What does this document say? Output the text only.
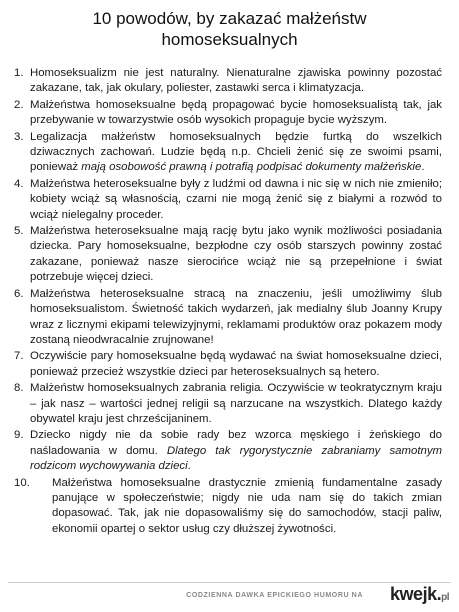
10 powodów, by zakazać małżeństw
homoseksualnych
1. Homoseksualizm nie jest naturalny. Nienaturalne zjawiska powinny pozostać zakazane, tak, jak okulary, poliester, zastawki serca i klimatyzacja.
2. Małżeństwa homoseksualne będą propagować bycie homoseksualistą tak, jak przebywanie w towarzystwie osób wysokich propaguje bycie wyższym.
3. Legalizacja małżeństw homoseksualnych będzie furtką do wszelkich dziwacznych zachowań. Ludzie będą n.p. Chcieli żenić się ze swoimi psami, ponieważ mają osobowość prawną i potrafią podpisać dokumenty małżeńskie.
4. Małżeństwa heteroseksualne były z ludźmi od dawna i nic się w nich nie zmieniło; kobiety wciąż są własnością, czarni nie mogą żenić się z białymi a rozwód to wciąż nielegalny proceder.
5. Małżeństwa heteroseksualne mają rację bytu jako wynik możliwości posiadania dziecka. Pary homoseksualne, bezpłodne czy osób starszych powinny zostać zakazane, ponieważ nasze sierocińce wciąż nie są przepełnione i świat potrzebuje więcej dzieci.
6. Małżeństwa heteroseksualne stracą na znaczeniu, jeśli umożliwimy ślub homoseksualistom. Świetność takich wydarzeń, jak medialny ślub Joanny Krupy wraz z licznymi ekipami telewizyjnymi, reklamami produktów oraz pokazem mody zostaną nieodwracalnie zrujnowane!
7. Oczywiście pary homoseksualne będą wydawać na świat homoseksualne dzieci, ponieważ przecież wszystkie dzieci par heteroseksualnych są hetero.
8. Małżeństw homoseksualnych zabrania religia. Oczywiście w teokratycznym kraju – jak nasz – wartości jednej religii są narzucane na wszystkich. Dlatego każdy obywatel kraju jest chrześcijaninem.
9. Dziecko nigdy nie da sobie rady bez wzorca męskiego i żeńskiego do naśladowania w domu. Dlatego tak rygorystycznie zabraniamy samotnym rodzicom wychowywania dzieci.
10.	Małżeństwa homoseksualne drastycznie zmienią fundamentalne zasady panujące w społeczeństwie; nigdy nie uda nam się do takich zmian dopasować. Tak, jak nie dopasowaliśmy się do samochodów, stacji paliw, ekonomii opartej o sektor usług czy dłuższej żywotności.
CODZIENNA DAWKA EPICKIEGO HUMORU NA kwejk.pl
